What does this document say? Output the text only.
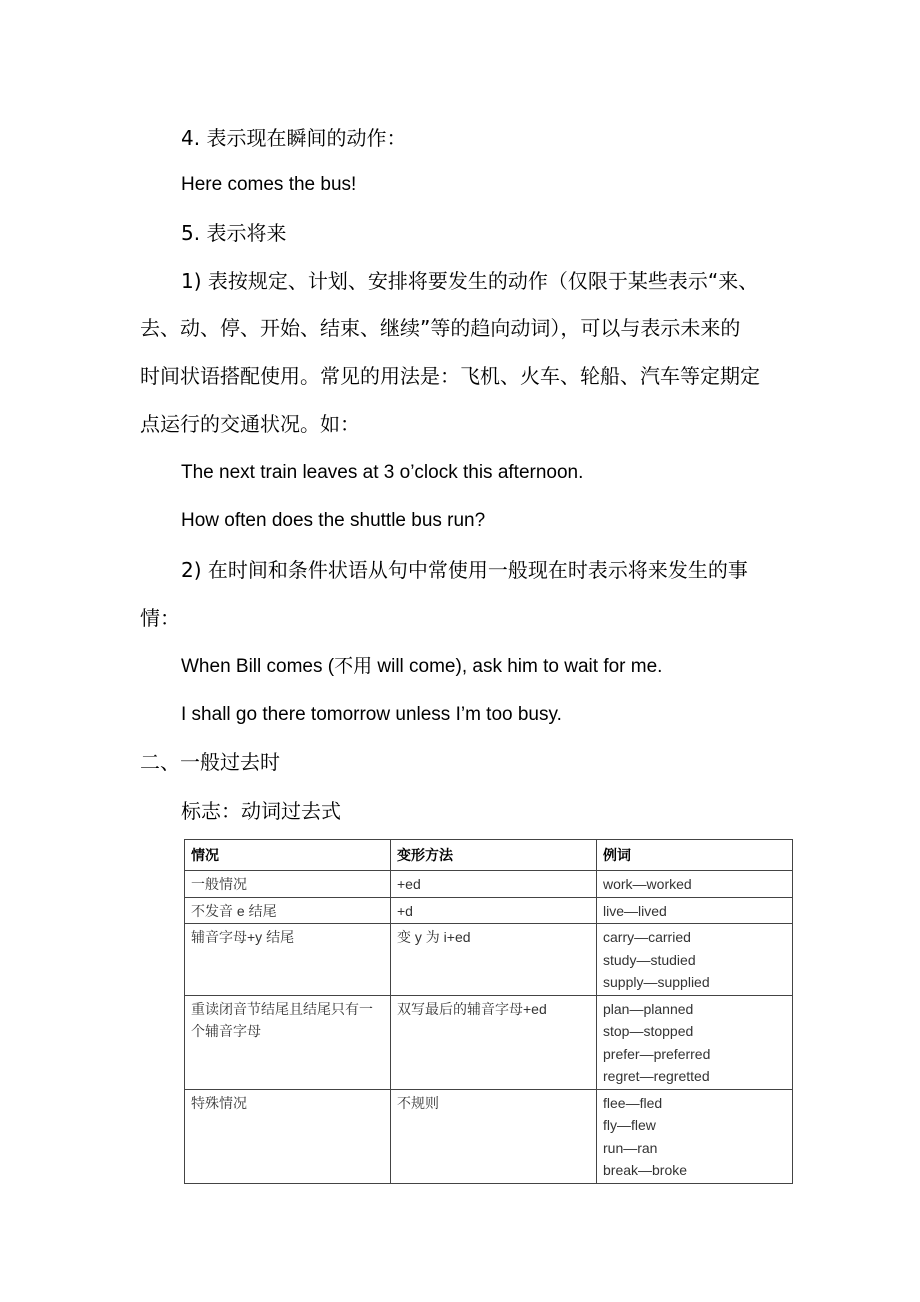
4. 表示现在瞬间的动作：
Here comes the bus!
5. 表示将来
1) 表按规定、计划、安排将要发生的动作（仅限于某些表示“来、
去、动、停、开始、结束、继续”等的趋向动词），可以与表示未来的
时间状语搭配使用。常见的用法是：飞机、火车、轮船、汽车等定期定
点运行的交通状况。如：
The next train leaves at 3 o’clock this afternoon.
How often does the shuttle bus run?
2) 在时间和条件状语从句中常使用一般现在时表示将来发生的事
情：
When Bill comes (不用 will come), ask him to wait for me.
I shall go there tomorrow unless I’m too busy.
二、一般过去时
标志：动词过去式
情况	变形方法	例词
一般情况	+ed	work—worked

不发音 e 结尾	+d	live—lived

辅音字母+y 结尾	变 y 为 i+ed	carry—carried
study—studied
supply—supplied

重读闭音节结尾且结尾只有一个辅音字母	双写最后的辅音字母+ed	plan—planned
stop—stopped
prefer—preferred
regret—regretted

特殊情况	不规则	flee—fled
fly—flew
run—ran
break—broke
